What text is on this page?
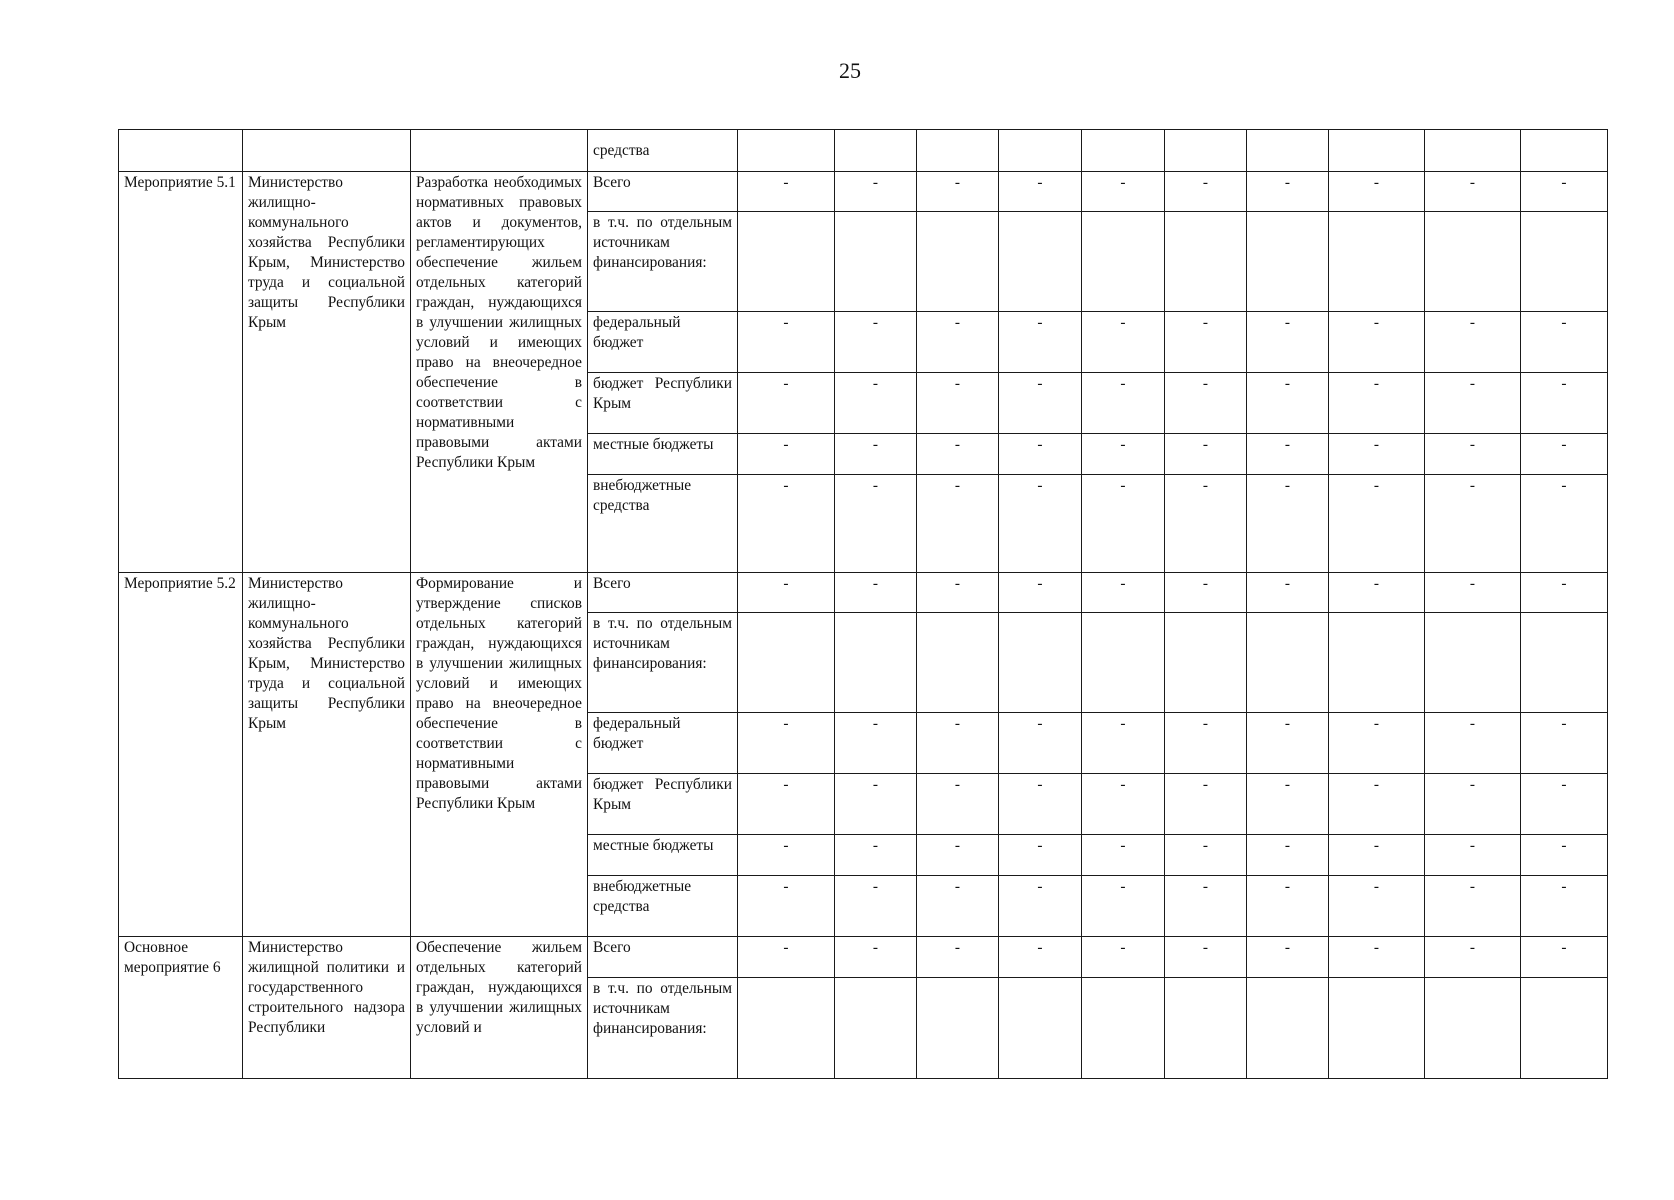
25
			средства										
Мероприятие 5.1	Министерство жилищно-коммунального хозяйства Республики Крым, Министерство труда и социальной защиты Республики Крым	Разработка необходимых нормативных правовых актов и документов, регламентирующих обеспечение жильем отдельных категорий граждан, нуждающихся в улучшении жилищных условий и имеющих право на внеочередное обеспечение в соответствии с нормативными правовыми актами Республики Крым	Всего	-	-	-	-	-	-	-	-	-	-
			в т.ч. по отдельным источникам финансирования:										
			федеральный бюджет	-	-	-	-	-	-	-	-	-	-
			бюджет Республики Крым	-	-	-	-	-	-	-	-	-	-
			местные бюджеты	-	-	-	-	-	-	-	-	-	-
			внебюджетные средства	-	-	-	-	-	-	-	-	-	-
Мероприятие 5.2	Министерство жилищно-коммунального хозяйства Республики Крым, Министерство труда и социальной защиты Республики Крым	Формирование и утверждение списков отдельных категорий граждан, нуждающихся в улучшении жилищных условий и имеющих право на внеочередное обеспечение в соответствии с нормативными правовыми актами Республики Крым	Всего	-	-	-	-	-	-	-	-	-	-
			в т.ч. по отдельным источникам финансирования:										
			федеральный бюджет	-	-	-	-	-	-	-	-	-	-
			бюджет Республики Крым	-	-	-	-	-	-	-	-	-	-
			местные бюджеты	-	-	-	-	-	-	-	-	-	-
			внебюджетные средства	-	-	-	-	-	-	-	-	-	-
Основное мероприятие 6	Министерство жилищной политики и государственного строительного надзора Республики	Обеспечение жильем отдельных категорий граждан, нуждающихся в улучшении жилищных условий и	Всего	-	-	-	-	-	-	-	-	-	-
			в т.ч. по отдельным источникам финансирования:										
